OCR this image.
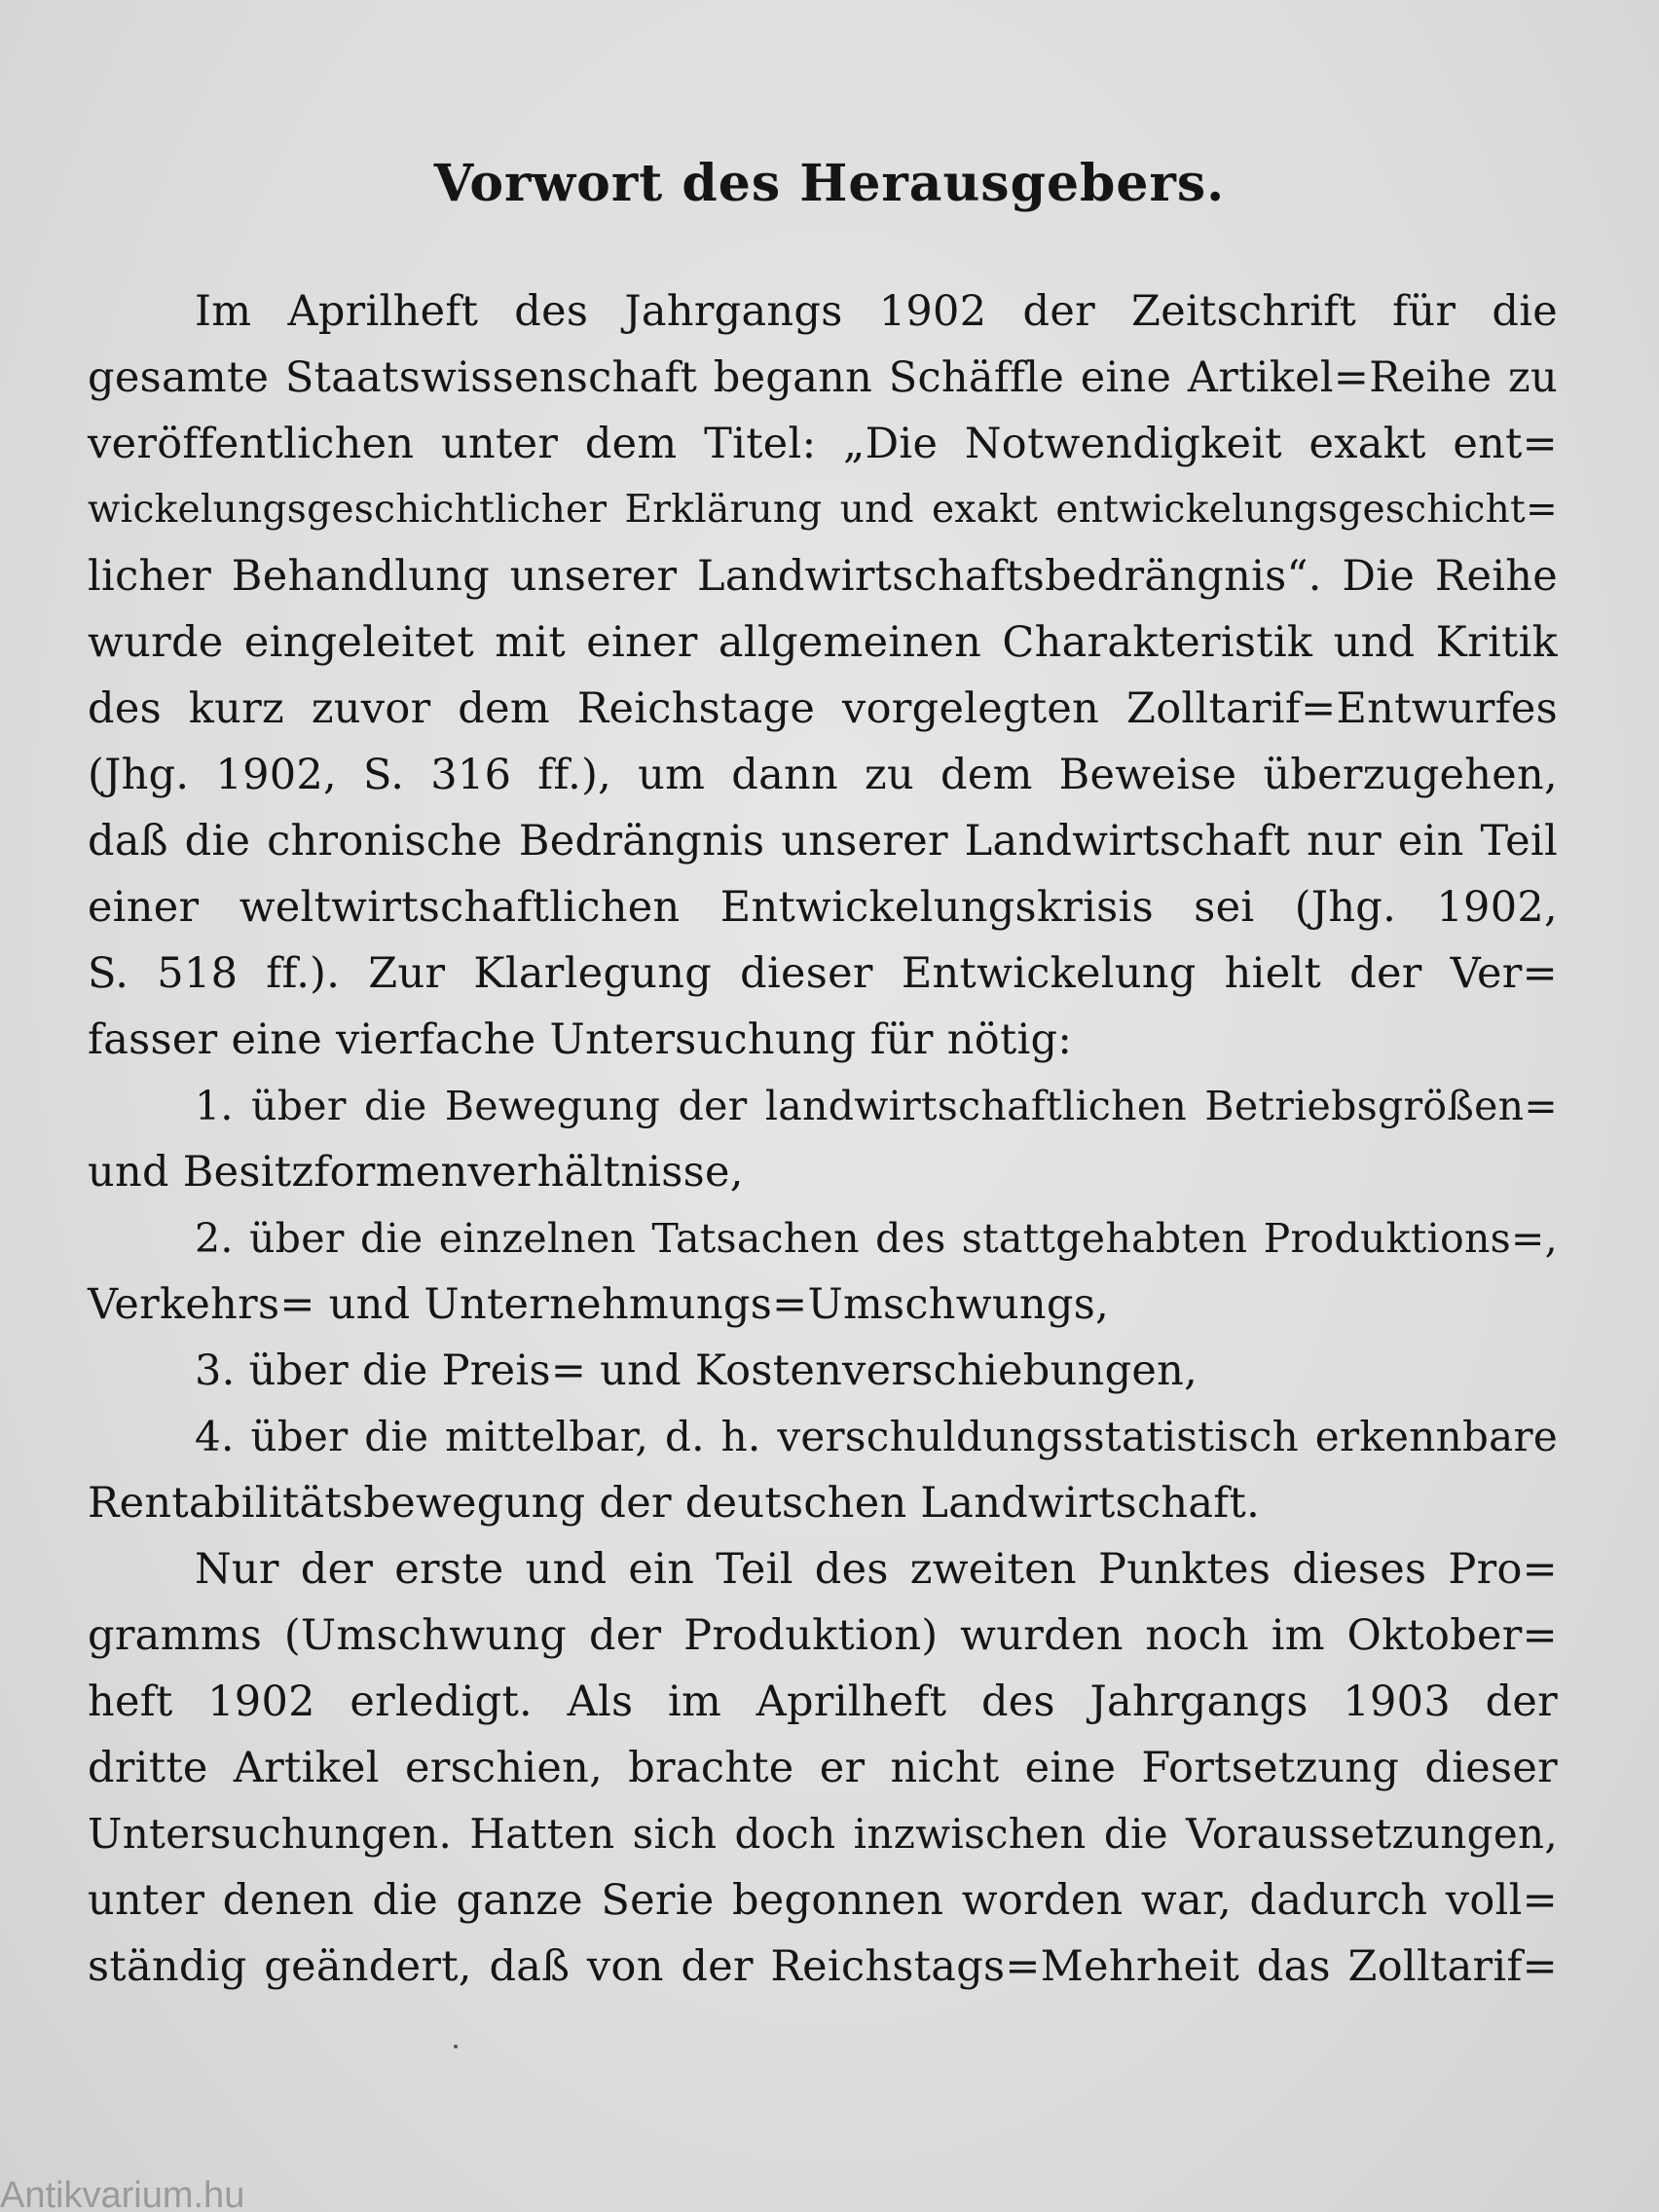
Vorwort des Herausgebers.
Im Aprilheft des Jahrgangs 1902 der Zeitschrift für die
gesamte Staatswissenschaft begann Schäffle eine Artikel=Reihe zu
veröffentlichen unter dem Titel: „Die Notwendigkeit exakt ent=
wickelungsgeschichtlicher Erklärung und exakt entwickelungsgeschicht=
licher Behandlung unserer Landwirtschaftsbedrängnis“. Die Reihe
wurde eingeleitet mit einer allgemeinen Charakteristik und Kritik
des kurz zuvor dem Reichstage vorgelegten Zolltarif=Entwurfes
(Jhg. 1902, S. 316 ff.), um dann zu dem Beweise überzugehen,
daß die chronische Bedrängnis unserer Landwirtschaft nur ein Teil
einer weltwirtschaftlichen Entwickelungskrisis sei (Jhg. 1902,
S. 518 ff.). Zur Klarlegung dieser Entwickelung hielt der Ver=
fasser eine vierfache Untersuchung für nötig:
1. über die Bewegung der landwirtschaftlichen Betriebsgrößen=
und Besitzformenverhältnisse,
2. über die einzelnen Tatsachen des stattgehabten Produktions=,
Verkehrs= und Unternehmungs=Umschwungs,
3. über die Preis= und Kostenverschiebungen,
4. über die mittelbar, d. h. verschuldungsstatistisch erkennbare
Rentabilitätsbewegung der deutschen Landwirtschaft.
Nur der erste und ein Teil des zweiten Punktes dieses Pro=
gramms (Umschwung der Produktion) wurden noch im Oktober=
heft 1902 erledigt. Als im Aprilheft des Jahrgangs 1903 der
dritte Artikel erschien, brachte er nicht eine Fortsetzung dieser
Untersuchungen. Hatten sich doch inzwischen die Voraussetzungen,
unter denen die ganze Serie begonnen worden war, dadurch voll=
ständig geändert, daß von der Reichstags=Mehrheit das Zolltarif=
Antikvarium.hu
